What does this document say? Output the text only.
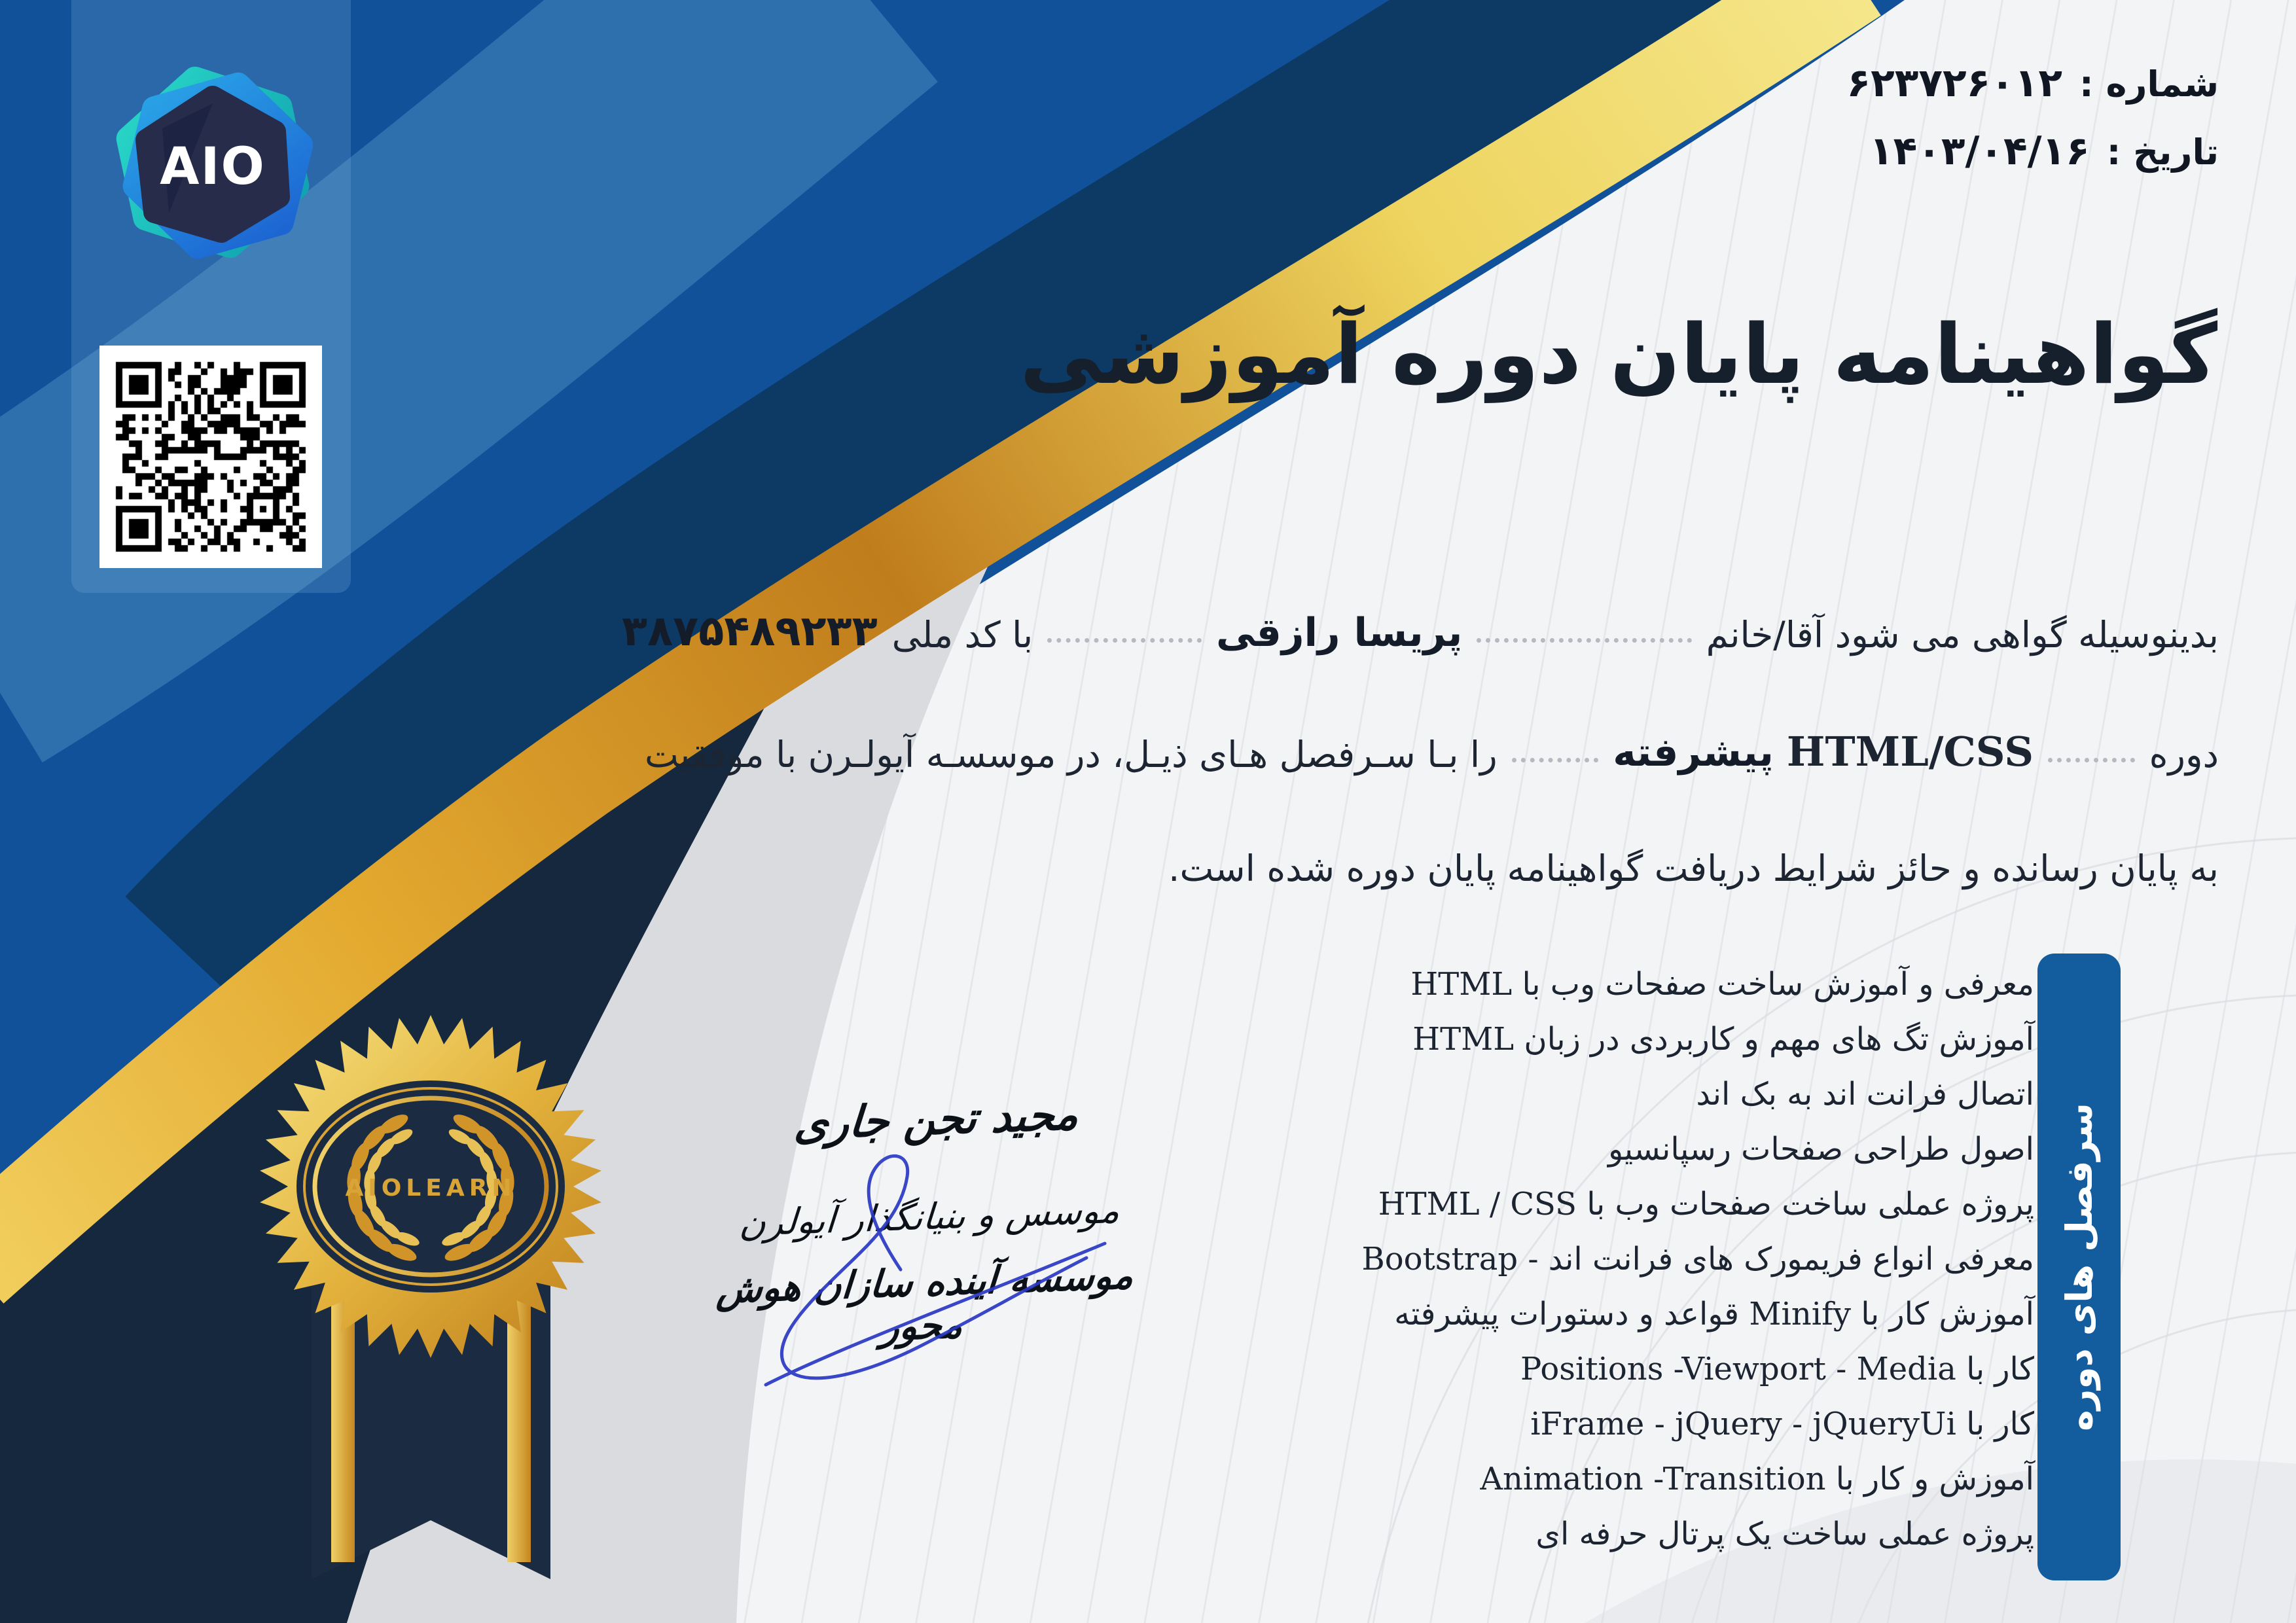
شماره :
۶۲۳۷۲۶۰۱۲
تاریخ :
۱۴۰۳/۰۴/۱۶
گواهینامه پایان دوره آموزشی
بدینوسیله گواهی می شود آقا/خانم
پریسا رازقی
با کد ملی
۳۸۷۵۴۸۹۲۳۳
دوره
HTML/CSS
پیشرفته
را بـا سـرفصل هـای ذیـل، در موسسـه آیولـرن با موفقیت
به پایان رسانده و حائز شرایط دریافت گواهینامه پایان دوره شده است.
معرفی و آموزش ساخت صفحات وب با HTML
آموزش تگ های مهم و کاربردی در زبان HTML
اتصال فرانت اند به بک اند
اصول طراحی صفحات رسپانسیو
پروژه عملی ساخت صفحات وب با HTML / CSS
معرفی انواع فریمورک های فرانت اند - Bootstrap
آموزش کار با Minify قواعد و دستورات پیشرفته
کار با Positions -Viewport - Media
کار با iFrame - jQuery - jQueryUi
آموزش و کار با Animation -Transition
پروژه عملی ساخت یک پرتال حرفه ای
سرفصل های دوره
AIO
AIOLEARN
مجید تجن جاری
موسس و بنیانگذار آیولرن
موسسه آینده سازان هوش محور
